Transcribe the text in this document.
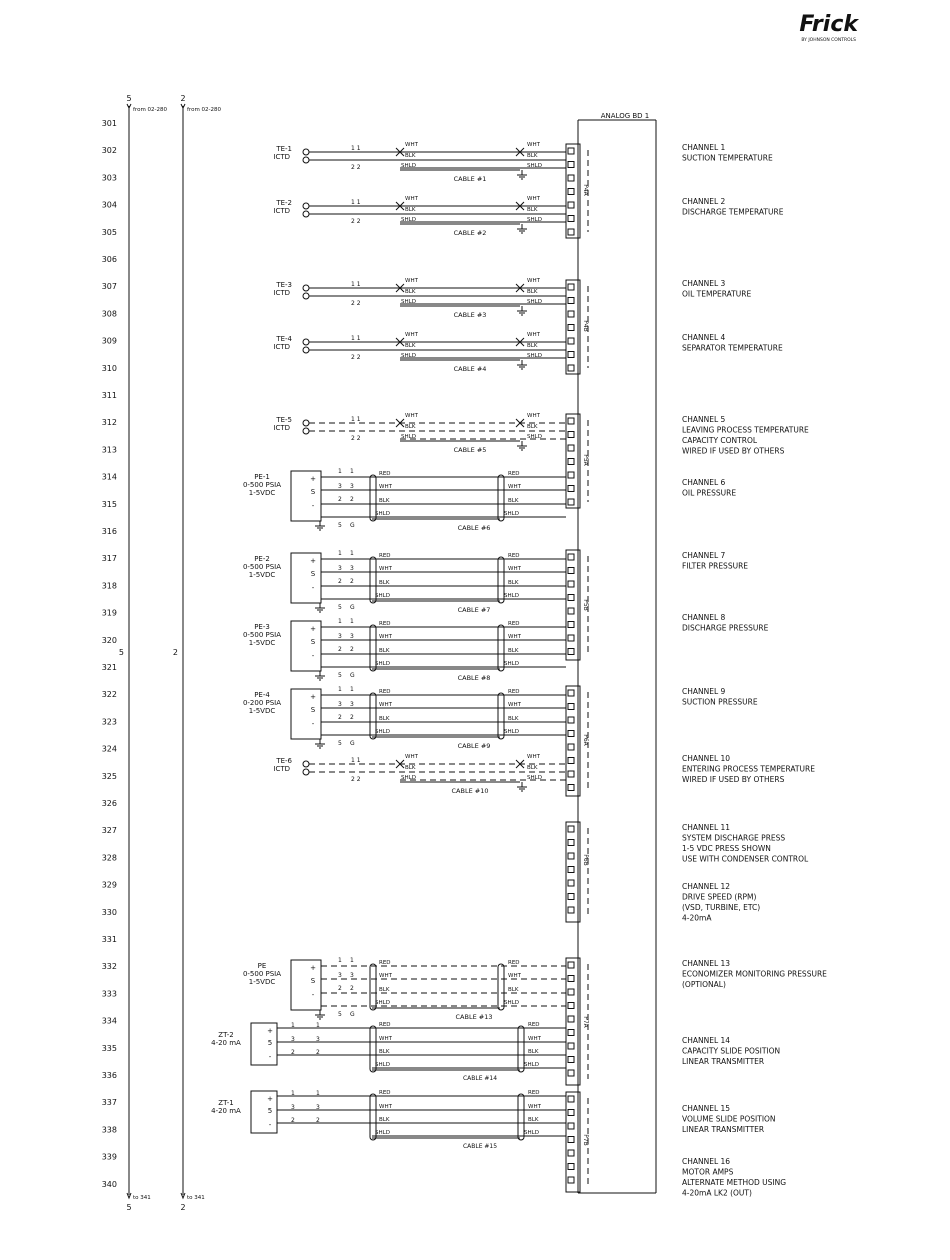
Frick
BY JOHNSON CONTROLS
301
302
303
304
305
306
307
308
309
310
311
312
313
314
315
316
317
318
319
320
321
322
323
324
325
326
327
328
329
330
331
332
333
334
335
336
337
338
339
340
5
from 02-280
5
to 341
5
2
from 02-280
2
to 341
2
ANALOG BD 1
P4A
P4B
P5A
P5B
P6A
P6B
P7A
P7B
TE-1
ICTD
1 1
2 2
WHT
BLK
SHLD
WHT
BLK
SHLD
CABLE #1
TE-2
ICTD
1 1
2 2
WHT
BLK
SHLD
WHT
BLK
SHLD
CABLE #2
TE-3
ICTD
1 1
2 2
WHT
BLK
SHLD
WHT
BLK
SHLD
CABLE #3
TE-4
ICTD
1 1
2 2
WHT
BLK
SHLD
WHT
BLK
SHLD
CABLE #4
TE-5
ICTD
1 1
2 2
WHT
BLK
SHLD
WHT
BLK
SHLD
CABLE #5
TE-6
ICTD
1 1
2 2
WHT
BLK
SHLD
WHT
BLK
SHLD
CABLE #10
PE-1
0-500 PSIA
1-5VDC
+
S
-
1 1
3 3
2 2
5 G
RED
WHT
BLK
SHLD
RED
WHT
BLK
SHLD
CABLE #6
PE-2
0-500 PSIA
1-5VDC
+
S
-
1 1
3 3
2 2
5 G
RED
WHT
BLK
SHLD
RED
WHT
BLK
SHLD
CABLE #7
PE-3
0-500 PSIA
1-5VDC
+
S
-
1 1
3 3
2 2
5 G
RED
WHT
BLK
SHLD
RED
WHT
BLK
SHLD
CABLE #8
PE-4
0-200 PSIA
1-5VDC
+
S
-
1 1
3 3
2 2
5 G
RED
WHT
BLK
SHLD
RED
WHT
BLK
SHLD
CABLE #9
PE
0-500 PSIA
1-5VDC
+
S
-
1 1
3 3
2 2
5 G
RED
WHT
BLK
SHLD
RED
WHT
BLK
SHLD
CABLE #13
ZT-2
4-20 mA
+
5
-
1	1
3	3
2	2
RED
WHT
BLK
SHLD
RED
WHT
BLK
SHLD
CABLE #14
ZT-1
4-20 mA
+
5
-
1	1
3	3
2	2
RED
WHT
BLK
SHLD
RED
WHT
BLK
SHLD
CABLE #15
CHANNEL 1
SUCTION TEMPERATURE
CHANNEL 2
DISCHARGE TEMPERATURE
CHANNEL 3
OIL TEMPERATURE
CHANNEL 4
SEPARATOR TEMPERATURE
CHANNEL 5
LEAVING PROCESS TEMPERATURE
CAPACITY CONTROL
WIRED IF USED BY OTHERS
CHANNEL 6
OIL PRESSURE
CHANNEL 7
FILTER PRESSURE
CHANNEL 8
DISCHARGE PRESSURE
CHANNEL 9
SUCTION PRESSURE
CHANNEL 10
ENTERING PROCESS TEMPERATURE
WIRED IF USED BY OTHERS
CHANNEL 11
SYSTEM DISCHARGE PRESS
1-5 VDC PRESS SHOWN
USE WITH CONDENSER CONTROL
CHANNEL 12
DRIVE SPEED (RPM)
(VSD, TURBINE, ETC)
4-20mA
CHANNEL 13
ECONOMIZER MONITORING PRESSURE
(OPTIONAL)
CHANNEL 14
CAPACITY SLIDE POSITION
LINEAR TRANSMITTER
CHANNEL 15
VOLUME SLIDE POSITION
LINEAR TRANSMITTER
CHANNEL 16
MOTOR AMPS
ALTERNATE METHOD USING
4-20mA LK2 (OUT)
